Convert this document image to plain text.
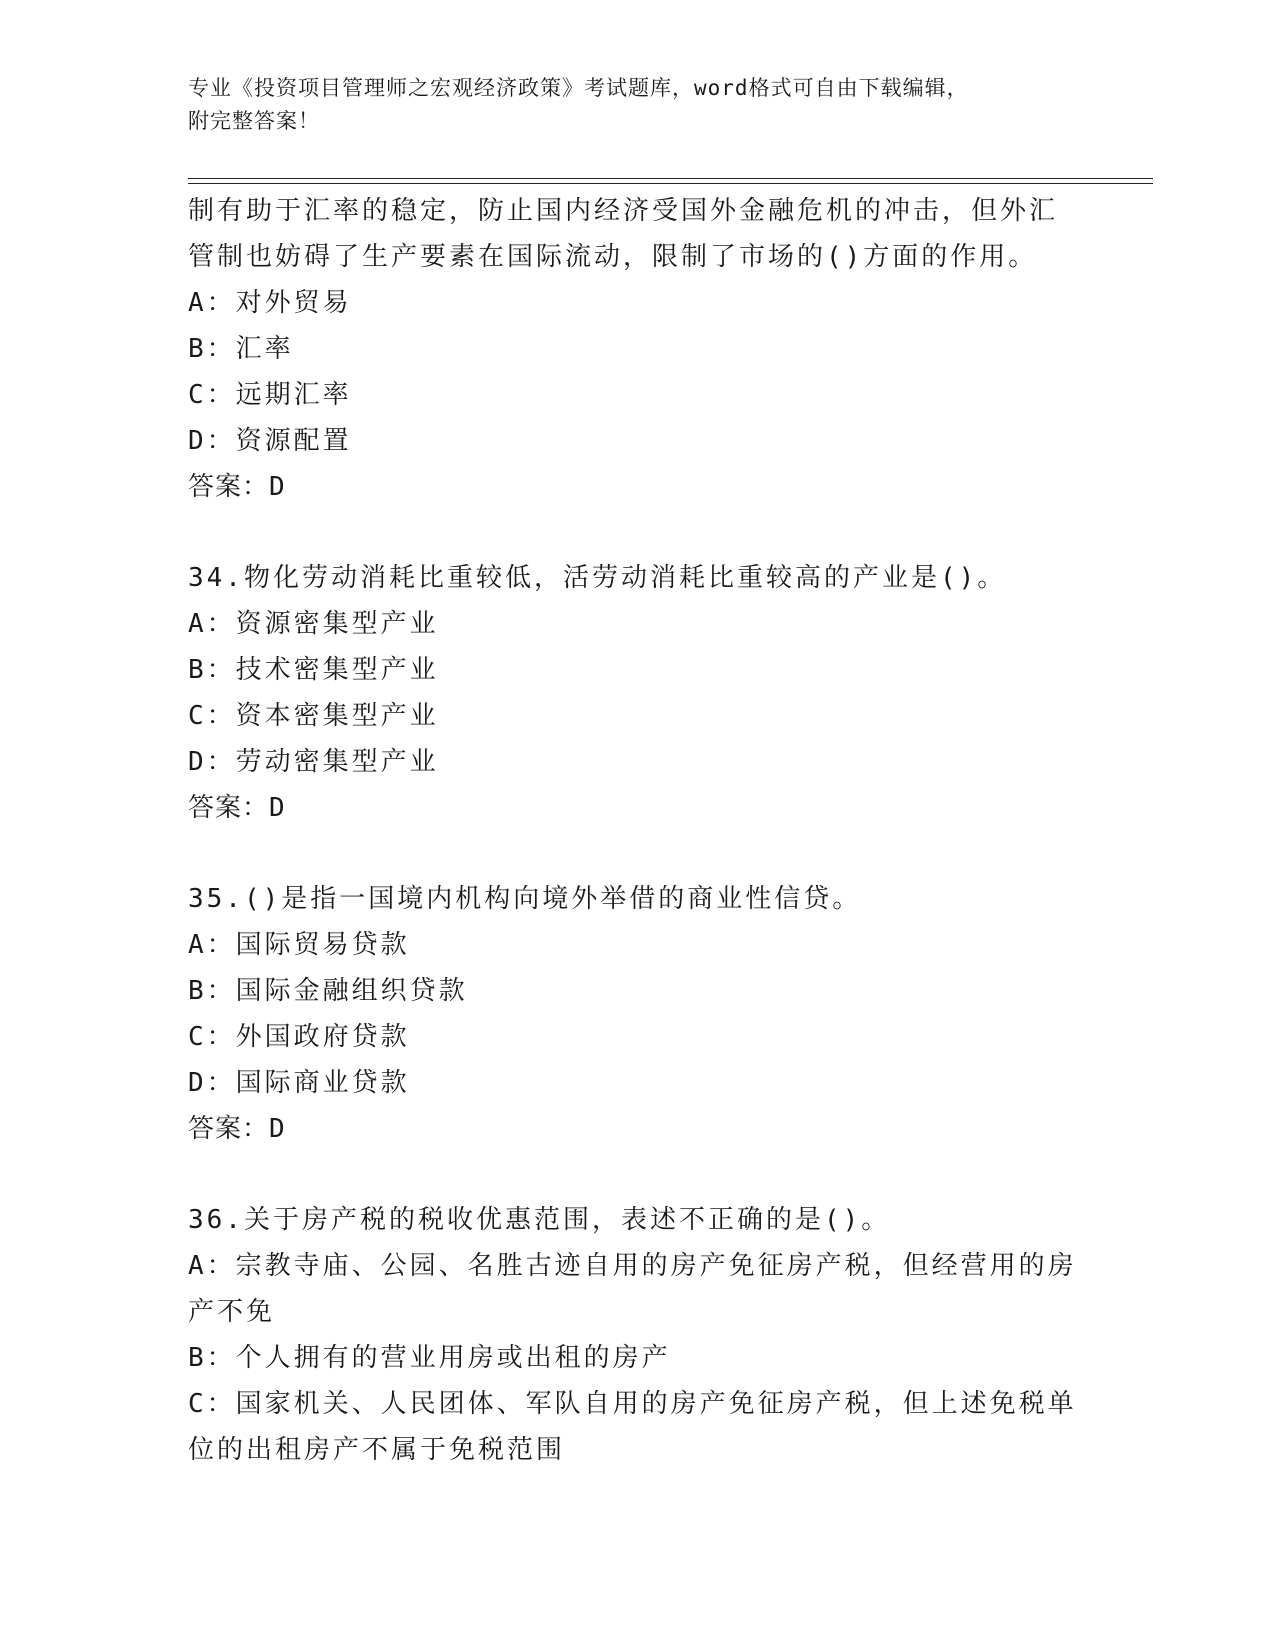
专业《投资项目管理师之宏观经济政策》考试题库，word格式可自由下载编辑，
附完整答案！
制有助于汇率的稳定，防止国内经济受国外金融危机的冲击，但外汇
管制也妨碍了生产要素在国际流动，限制了市场的()方面的作用。
A：对外贸易
B：汇率
C：远期汇率
D：资源配置
答案：D
34.物化劳动消耗比重较低，活劳动消耗比重较高的产业是()。
A：资源密集型产业
B：技术密集型产业
C：资本密集型产业
D：劳动密集型产业
答案：D
35.()是指一国境内机构向境外举借的商业性信贷。
A：国际贸易贷款
B：国际金融组织贷款
C：外国政府贷款
D：国际商业贷款
答案：D
36.关于房产税的税收优惠范围，表述不正确的是()。
A：宗教寺庙、公园、名胜古迹自用的房产免征房产税，但经营用的房
产不免
B：个人拥有的营业用房或出租的房产
C：国家机关、人民团体、军队自用的房产免征房产税，但上述免税单
位的出租房产不属于免税范围
